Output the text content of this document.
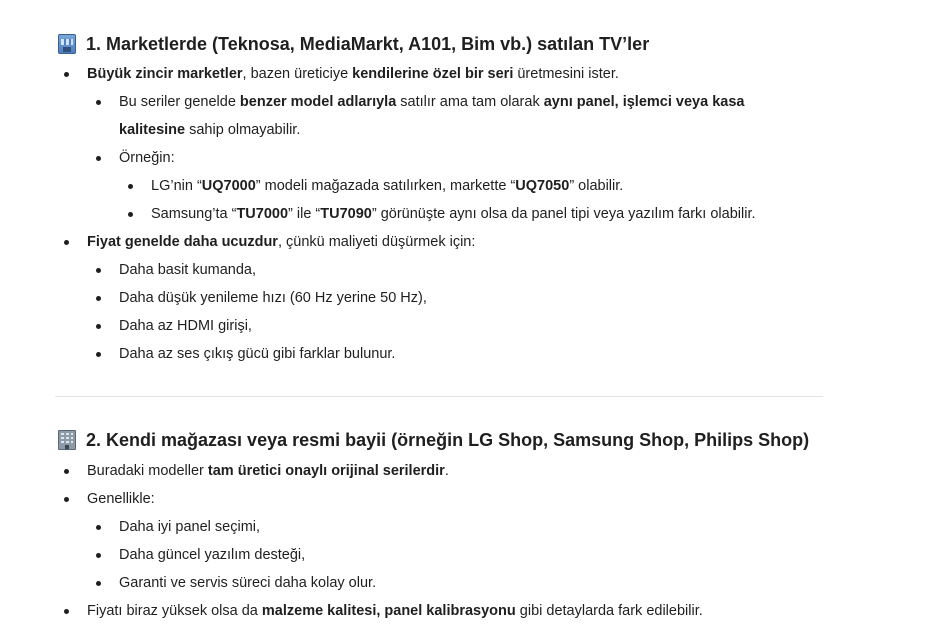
1. Marketlerde (Teknosa, MediaMarkt, A101, Bim vb.) satılan TV’ler
Büyük zincir marketler, bazen üreticiye kendilerine özel bir seri üretmesini ister.
Bu seriler genelde benzer model adlarıyla satılır ama tam olarak aynı panel, işlemci veya kasa
kalitesine sahip olmayabilir.
Örneğin:
LG’nin “UQ7000” modeli mağazada satılırken, markette “UQ7050” olabilir.
Samsung’ta “TU7000” ile “TU7090” görünüşte aynı olsa da panel tipi veya yazılım farkı olabilir.
Fiyat genelde daha ucuzdur, çünkü maliyeti düşürmek için:
Daha basit kumanda,
Daha düşük yenileme hızı (60 Hz yerine 50 Hz),
Daha az HDMI girişi,
Daha az ses çıkış gücü gibi farklar bulunur.
2. Kendi mağazası veya resmi bayii (örneğin LG Shop, Samsung Shop, Philips Shop)
Buradaki modeller tam üretici onaylı orijinal serilerdir.
Genellikle:
Daha iyi panel seçimi,
Daha güncel yazılım desteği,
Garanti ve servis süreci daha kolay olur.
Fiyatı biraz yüksek olsa da malzeme kalitesi, panel kalibrasyonu gibi detaylarda fark edilebilir.
